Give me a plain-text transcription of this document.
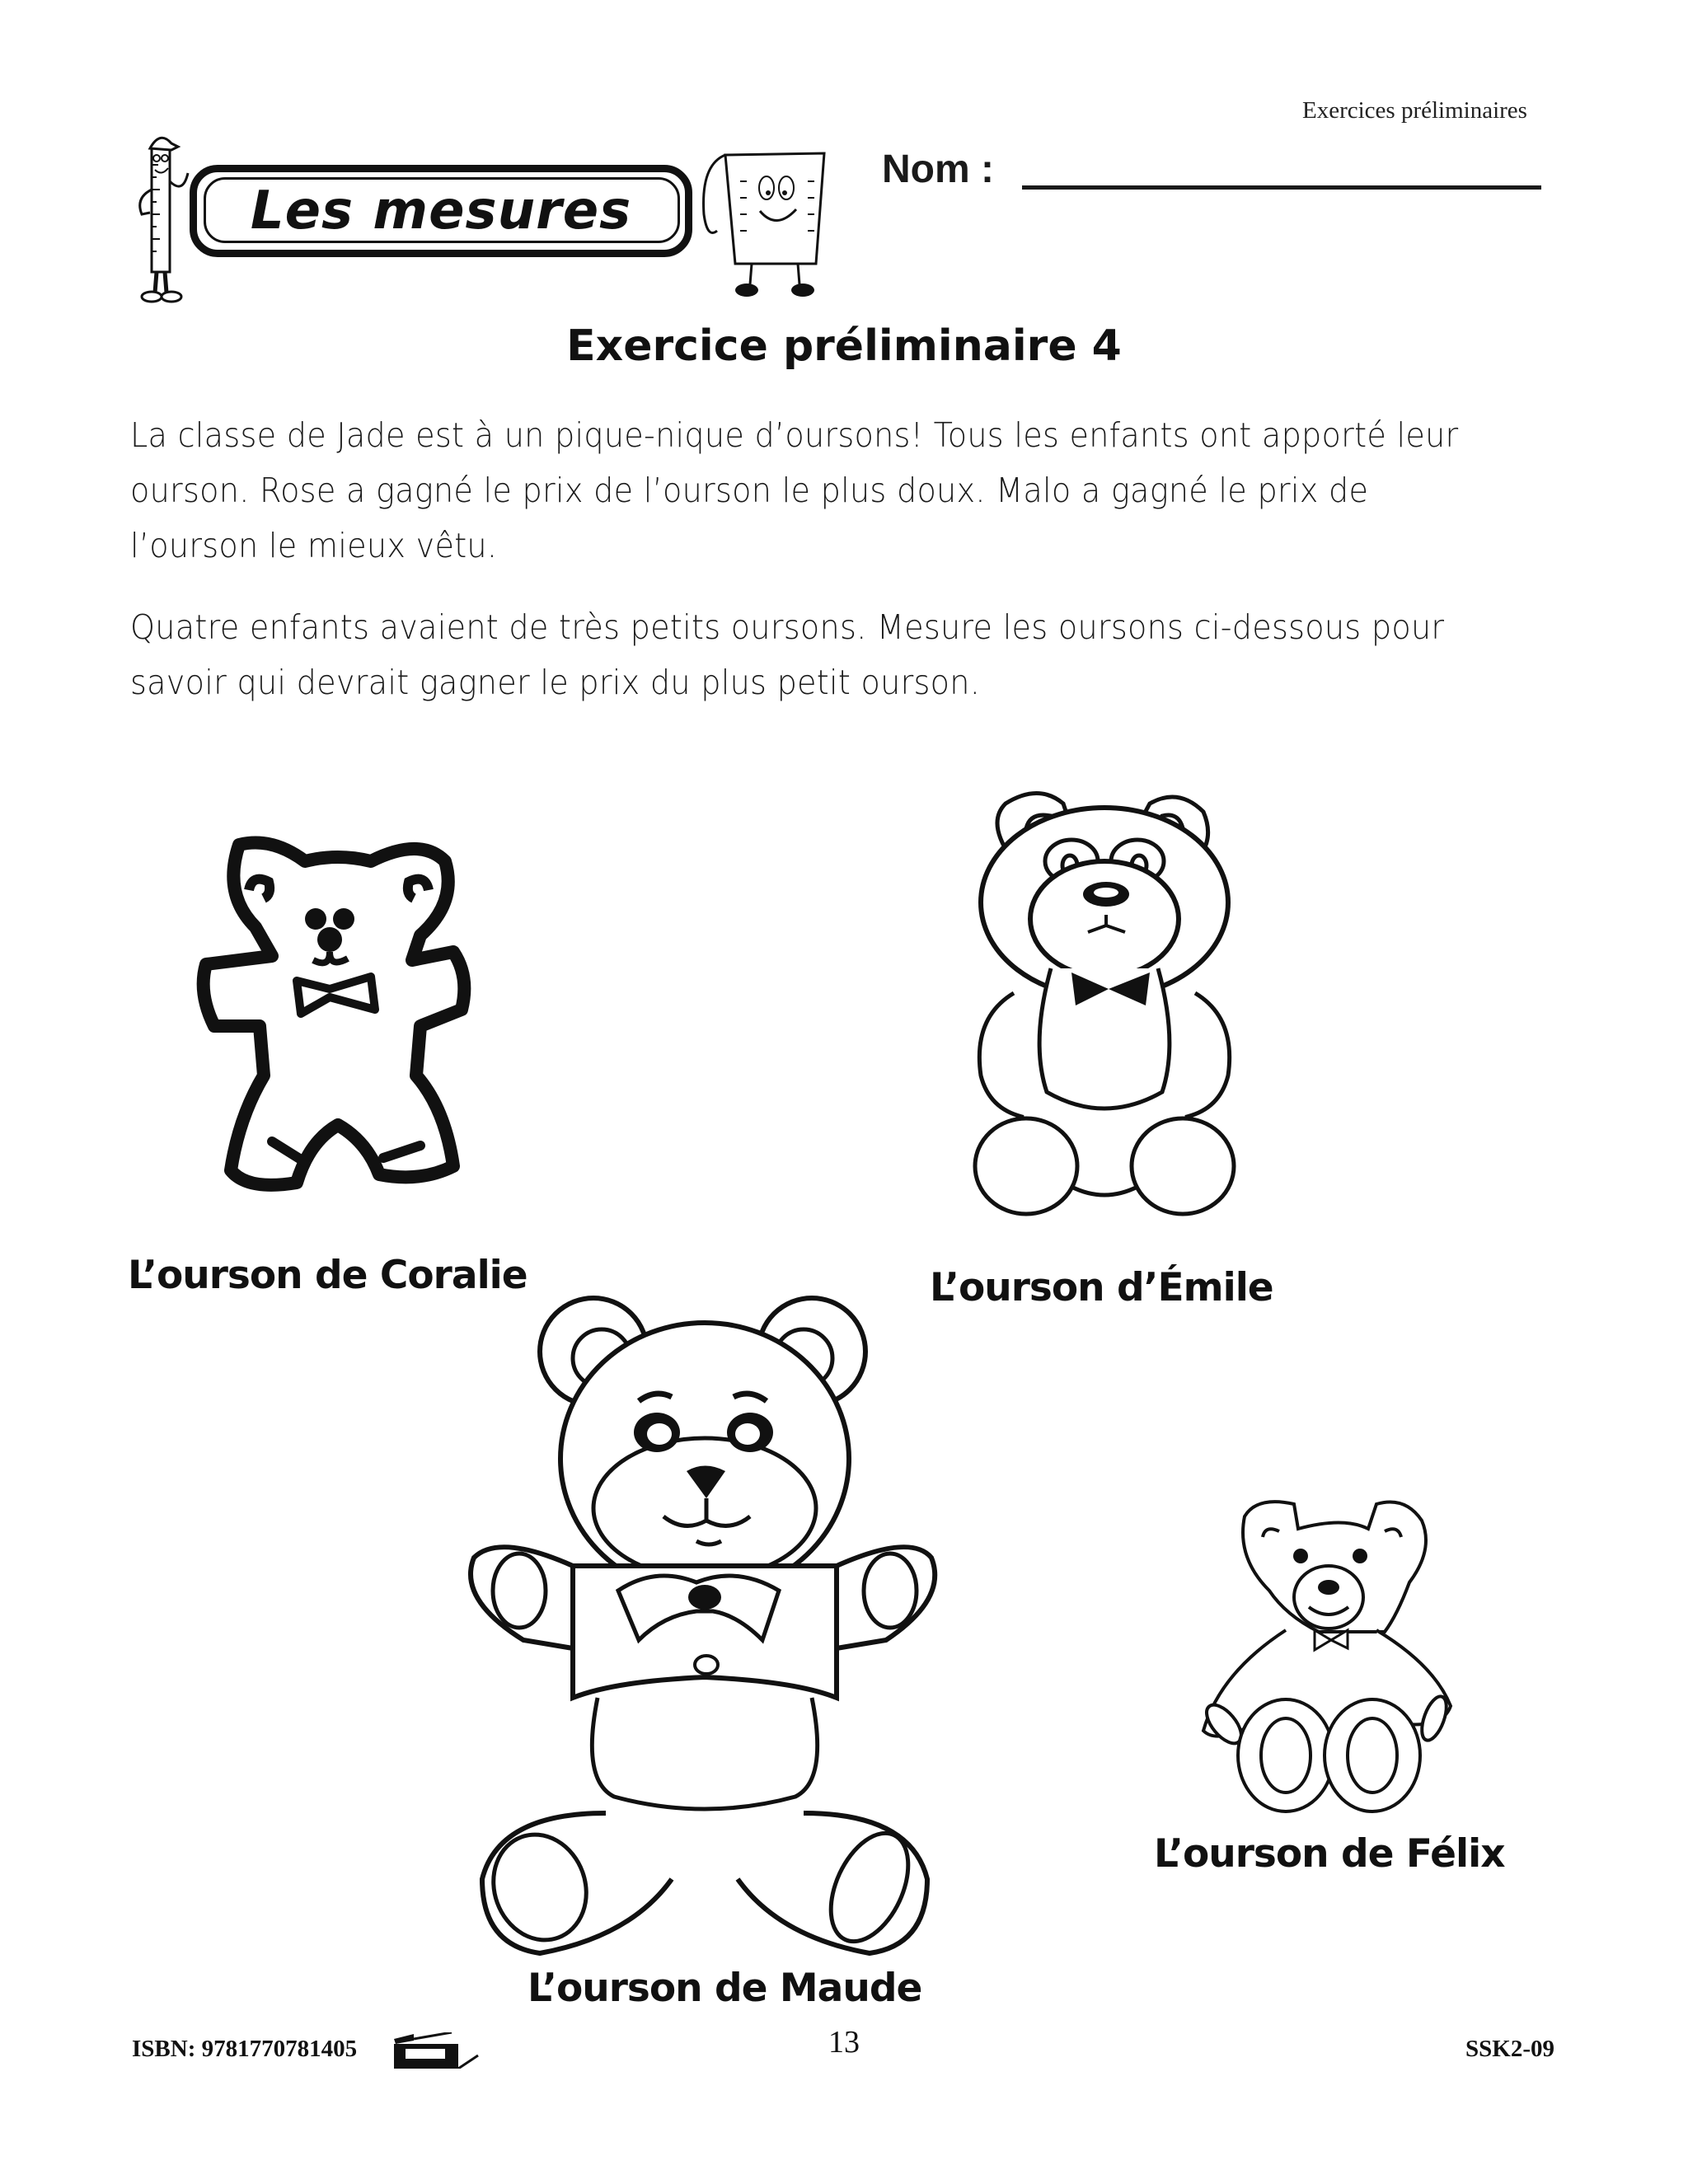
Exercices préliminaires
Les mesures
Nom :
Exercice préliminaire 4
La classe de Jade est à un pique-nique d’oursons! Tous les enfants ont apporté leur ourson. Rose a gagné le prix de l’ourson le plus doux. Malo a gagné le prix de l’ourson le mieux vêtu.
Quatre enfants avaient de très petits oursons. Mesure les oursons ci-dessous pour savoir qui devrait gagner le prix du plus petit ourson.
L’ourson de Coralie	L’ourson d’Émile
L’ourson de Maude
L’ourson de Félix
ISBN: 9781770781405	13	SSK2-09
